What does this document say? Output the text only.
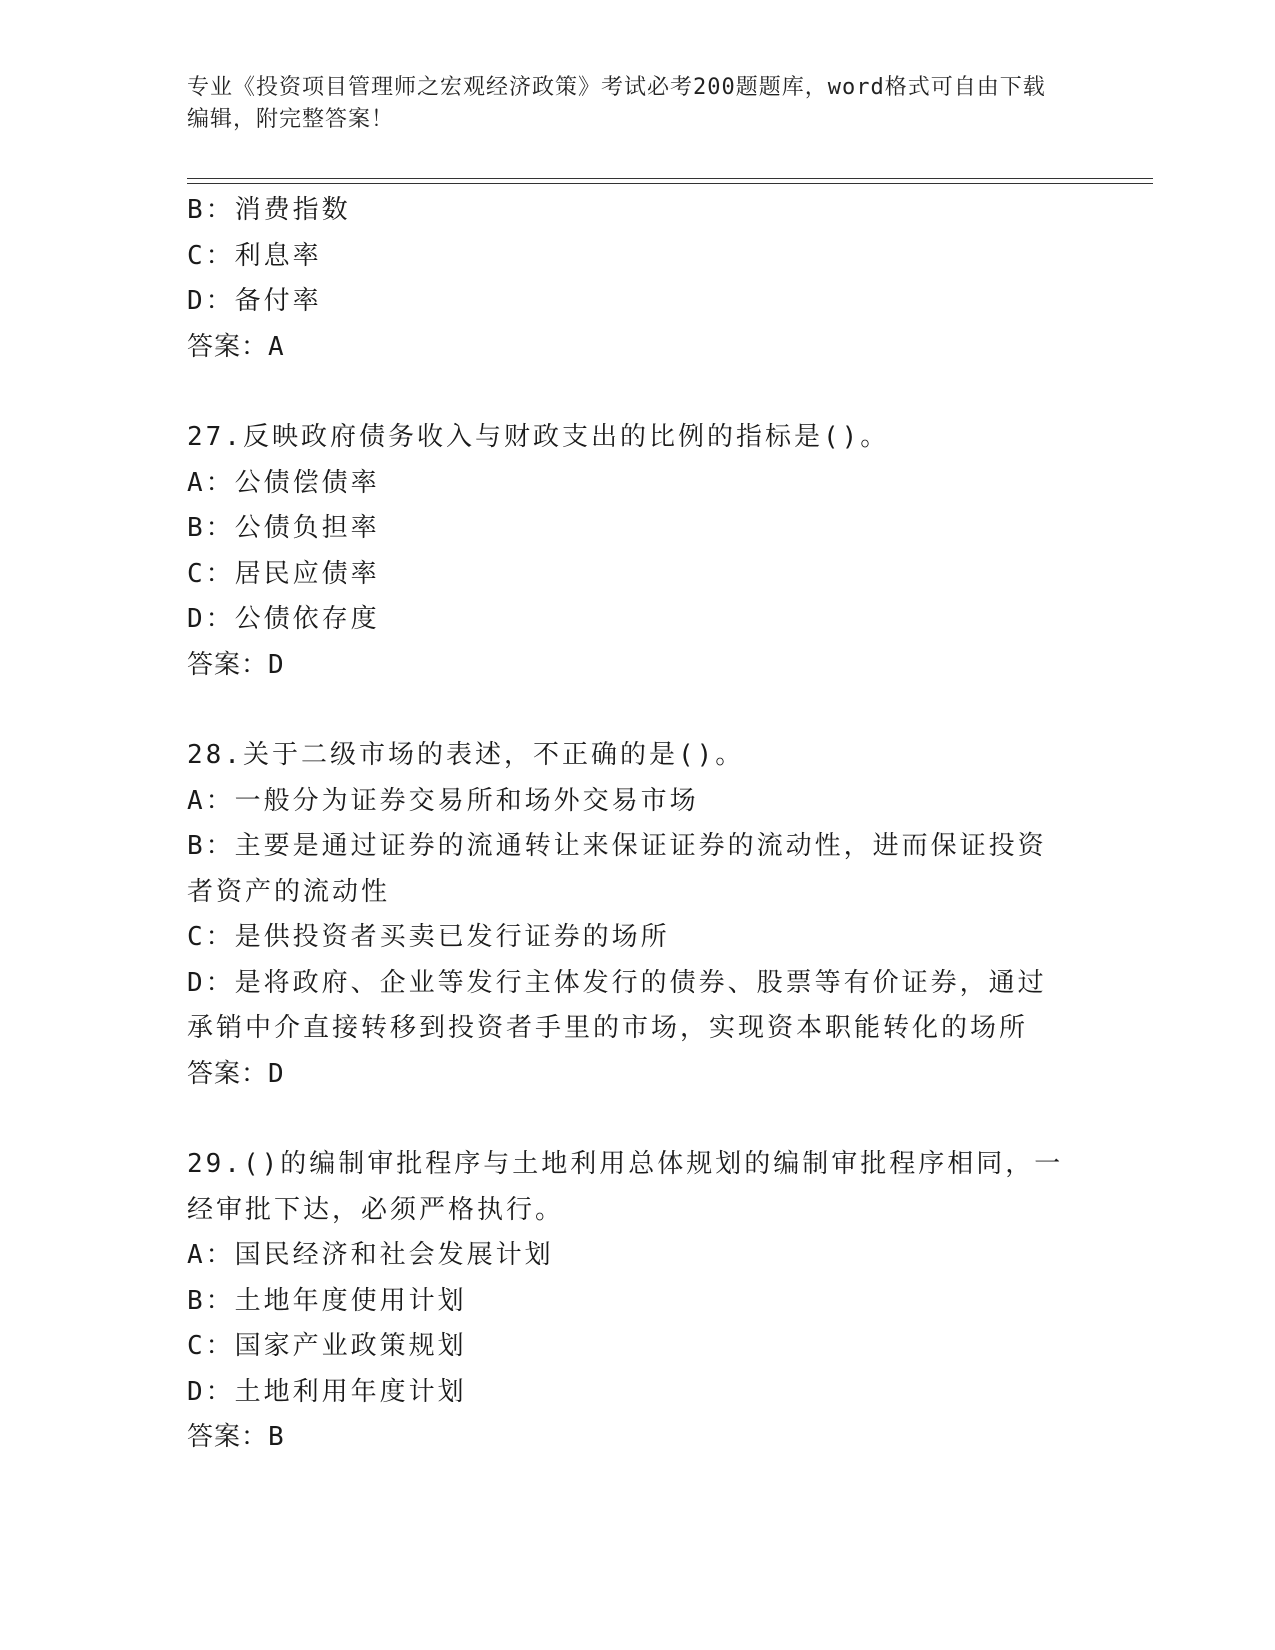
专业《投资项目管理师之宏观经济政策》考试必考200题题库，word格式可自由下载编辑，附完整答案！
B：消费指数
C：利息率
D：备付率
答案：A
27.反映政府债务收入与财政支出的比例的指标是()。
A：公债偿债率
B：公债负担率
C：居民应债率
D：公债依存度
答案：D
28.关于二级市场的表述，不正确的是()。
A：一般分为证券交易所和场外交易市场
B：主要是通过证券的流通转让来保证证券的流动性，进而保证投资者资产的流动性
C：是供投资者买卖已发行证券的场所
D：是将政府、企业等发行主体发行的债券、股票等有价证券，通过承销中介直接转移到投资者手里的市场，实现资本职能转化的场所
答案：D
29.()的编制审批程序与土地利用总体规划的编制审批程序相同，一经审批下达，必须严格执行。
A：国民经济和社会发展计划
B：土地年度使用计划
C：国家产业政策规划
D：土地利用年度计划
答案：B
